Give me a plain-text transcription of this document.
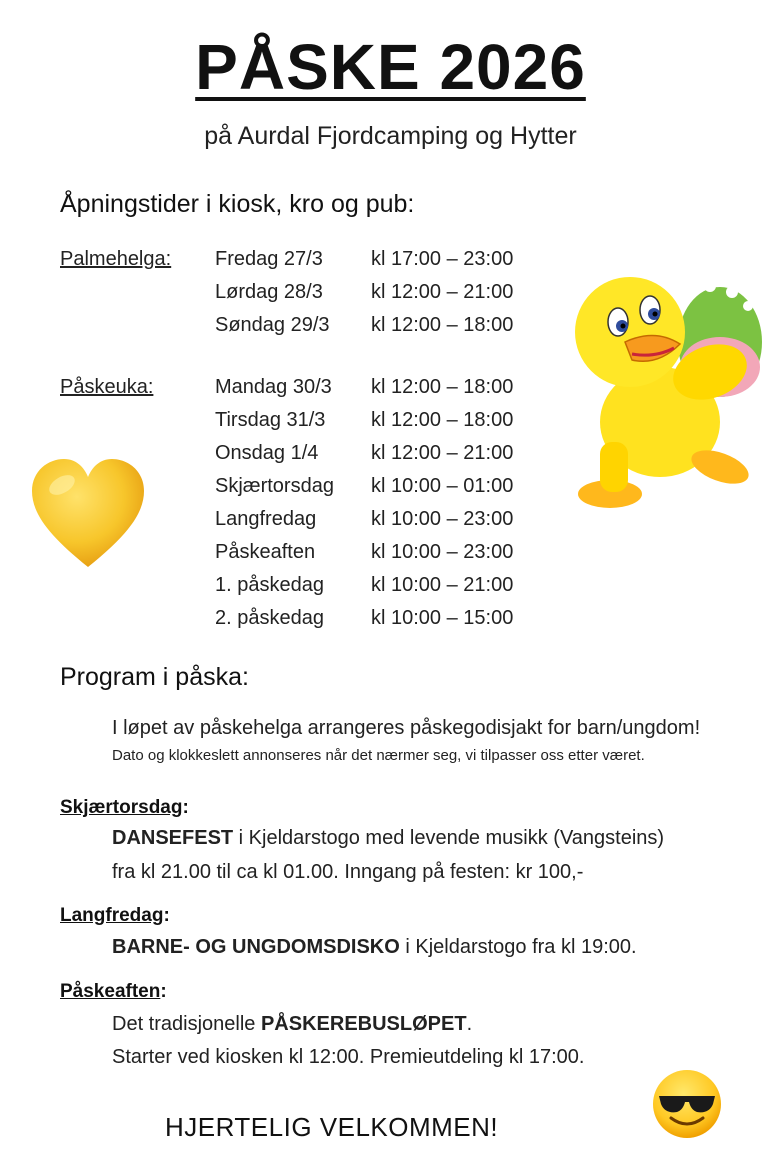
PÅSKE 2026
på Aurdal Fjordcamping og Hytter
Åpningstider i kiosk, kro og pub:
Palmehelga: Fredag 27/3 kl 17:00 – 23:00
Lørdag 28/3 kl 12:00 – 21:00
Søndag 29/3 kl 12:00 – 18:00
Påskeuka:	Mandag 30/3 kl 12:00 – 18:00
Tirsdag 31/3 kl 12:00 – 18:00
Onsdag 1/4	kl 12:00 – 21:00
Skjærtorsdag kl 10:00 – 01:00
Langfredag	kl 10:00 – 23:00
Påskeaften	kl 10:00 – 23:00
1. påskedag kl 10:00 – 21:00
2. påskedag kl 10:00 – 15:00
Program i påska:
I løpet av påskehelga arrangeres påskegodisjakt for barn/ungdom!
Dato og klokkeslett annonseres når det nærmer seg, vi tilpasser oss etter været.
Skjærtorsdag:
DANSEFEST i Kjeldarstogo med levende musikk (Vangsteins)
fra kl 21.00 til ca kl 01.00. Inngang på festen: kr 100,-
Langfredag:
BARNE- OG UNGDOMSDISKO i Kjeldarstogo fra kl 19:00.
Påskeaften:
Det tradisjonelle PÅSKEREBUSLØPET.
Starter ved kiosken kl 12:00. Premieutdeling kl 17:00.
HJERTELIG VELKOMMEN!
